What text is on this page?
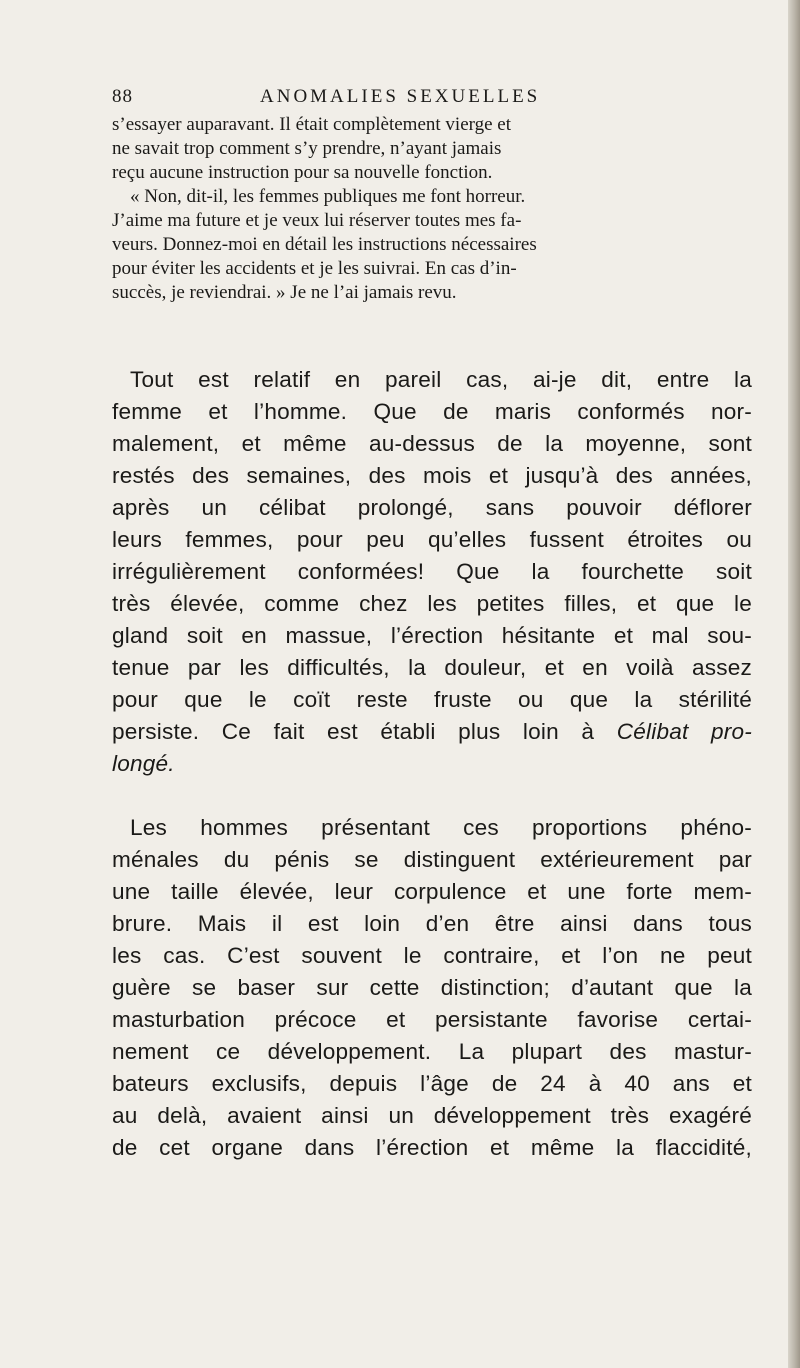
88	ANOMALIES SEXUELLES
s’essayer auparavant. Il était complètement vierge et
ne savait trop comment s’y prendre, n’ayant jamais
reçu aucune instruction pour sa nouvelle fonction.
« Non, dit-il, les femmes publiques me font horreur.
J’aime ma future et je veux lui réserver toutes mes fa-
veurs. Donnez-moi en détail les instructions nécessaires
pour éviter les accidents et je les suivrai. En cas d’in-
succès, je reviendrai. » Je ne l’ai jamais revu.
Tout est relatif en pareil cas, ai-je dit, entre la
femme et l’homme. Que de maris conformés nor-
malement, et même au-dessus de la moyenne, sont
restés des semaines, des mois et jusqu’à des années,
après un célibat prolongé, sans pouvoir déflorer
leurs femmes, pour peu qu’elles fussent étroites ou
irrégulièrement conformées! Que la fourchette soit
très élevée, comme chez les petites filles, et que le
gland soit en massue, l’érection hésitante et mal sou-
tenue par les difficultés, la douleur, et en voilà assez
pour que le coït reste fruste ou que la stérilité
persiste. Ce fait est établi plus loin à Célibat pro-
longé.
Les hommes présentant ces proportions phéno-
ménales du pénis se distinguent extérieurement par
une taille élevée, leur corpulence et une forte mem-
brure. Mais il est loin d’en être ainsi dans tous
les cas. C’est souvent le contraire, et l’on ne peut
guère se baser sur cette distinction; d’autant que la
masturbation précoce et persistante favorise certai-
nement ce développement. La plupart des mastur-
bateurs exclusifs, depuis l’âge de 24 à 40 ans et
au delà, avaient ainsi un développement très exagéré
de cet organe dans l’érection et même la flaccidité,
